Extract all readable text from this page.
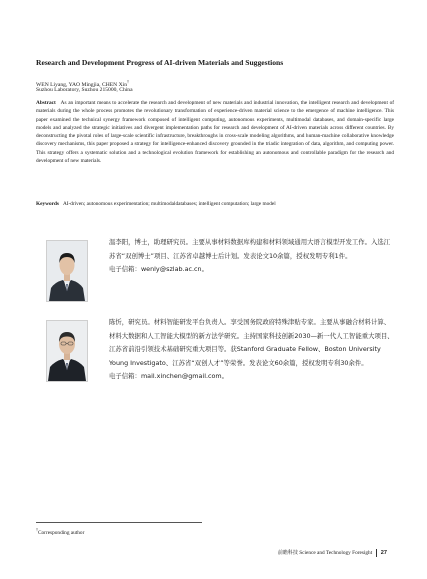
Research and Development Progress of AI-driven Materials and Suggestions
WEN Liyang, YAO Mingjia, CHEN Xin†
Suzhou Laboratory, Suzhou 215000, China
Abstract As an important means to accelerate the research and development of new materials and industrial innovation, the intelligent research and development of materials during the whole process promotes the revolutionary transformation of experience-driven material science to the emergence of machine intelligence. This paper examined the technical synergy framework composed of intelligent computing, autonomous experiments, multimodal databases, and domain-specific large models and analyzed the strategic initiatives and divergent implementation paths for research and development of AI-driven materials across different countries. By deconstructing the pivotal roles of large-scale scientific infrastructure, breakthroughs in cross-scale modeling algorithms, and human-machine collaborative knowledge discovery mechanisms, this paper proposed a strategy for intelligence-enhanced discovery grounded in the triadic integration of data, algorithm, and computing power. This strategy offers a systematic solution and a technological evolution framework for establishing an autonomous and controllable paradigm for the research and development of new materials.
Keywords AI-driven; autonomous experimentation; multimodaldatabases; intelligent computation; large model
温李阳，博士，助理研究员。主要从事材料数据库构建和材料领域通用大语言模型开发工作。入选江苏省“双创博士”项目、江苏省卓越博士后计划。发表论文10余篇，授权发明专利1件。
电子信箱：wenly@szlab.ac.cn。
陈忻，研究员。材料智能研发平台负责人。享受国务院政府特殊津贴专家。主要从事融合材料计算、材料大数据和人工智能大模型的新方法学研究。主持国家科技创新2030—新一代人工智能重大项目、江苏省前沿引领技术基础研究重大项目等。获Stanford Graduate Fellow、Boston University Young Investigato、江苏省“双创人才”等荣誉。发表论文60余篇，授权发明专利30余件。
电子信箱：mail.xinchen@gmail.com。
†Corresponding author
前瞻科技
Science and Technology Foresight 27
